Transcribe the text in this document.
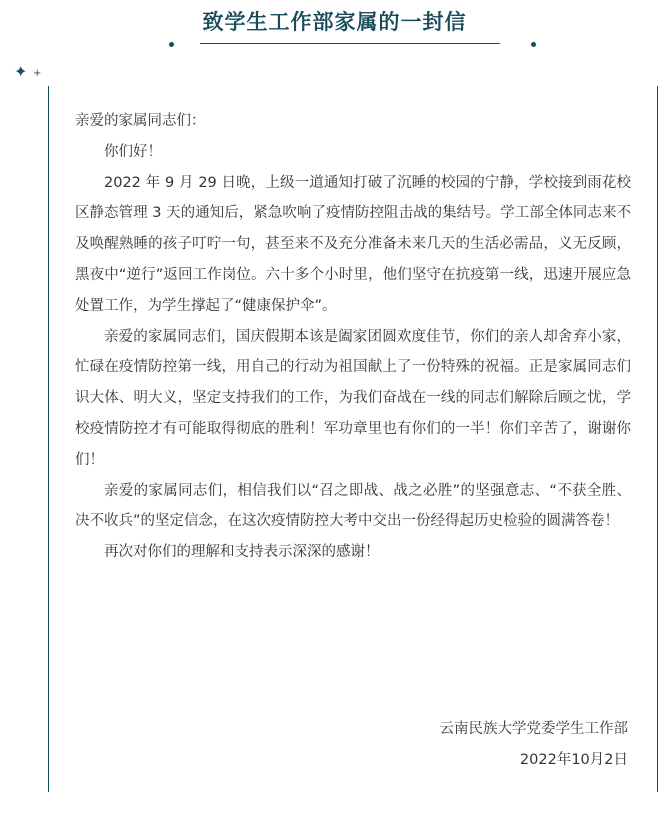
致学生工作部家属的一封信
✦ +

亲爱的家属同志们：

你们好！

2022 年 9 月 29 日晚，上级一道通知打破了沉睡的校园的宁静，学校接到雨花校区静态管理 3 天的通知后，紧急吹响了疫情防控阻击战的集结号。学工部全体同志来不及唤醒熟睡的孩子叮咛一句，甚至来不及充分准备未来几天的生活必需品，义无反顾，黑夜中“逆行”返回工作岗位。六十多个小时里，他们坚守在抗疫第一线，迅速开展应急处置工作，为学生撑起了“健康保护伞”。

亲爱的家属同志们，国庆假期本该是阖家团圆欢度佳节，你们的亲人却舍弃小家，忙碌在疫情防控第一线，用自己的行动为祖国献上了一份特殊的祝福。正是家属同志们识大体、明大义，坚定支持我们的工作，为我们奋战在一线的同志们解除后顾之忧，学校疫情防控才有可能取得彻底的胜利！军功章里也有你们的一半！你们辛苦了，谢谢你们！

亲爱的家属同志们，相信我们以“召之即战、战之必胜”的坚强意志、“不获全胜、决不收兵”的坚定信念，在这次疫情防控大考中交出一份经得起历史检验的圆满答卷！

再次对你们的理解和支持表示深深的感谢！

云南民族大学党委学生工作部
2022年10月2日
